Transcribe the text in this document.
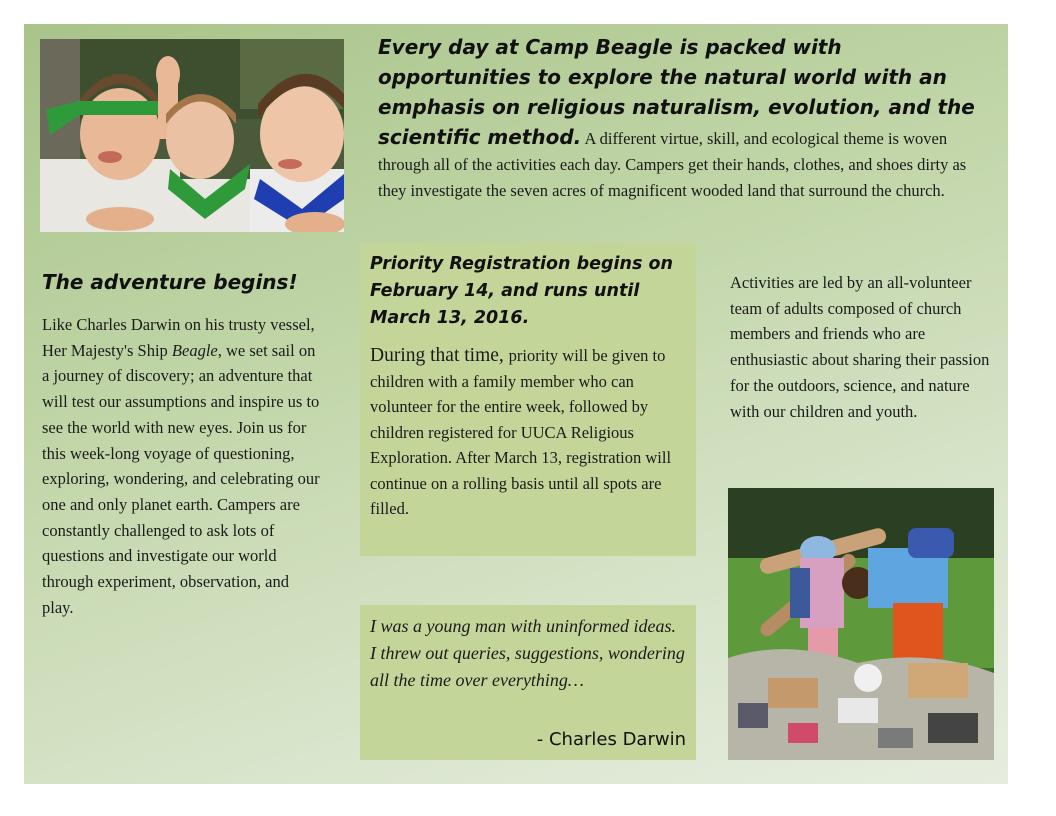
Every day at Camp Beagle is packed with opportunities to explore the natural world with an emphasis on religious naturalism, evolution, and the scientific method. A different virtue, skill, and ecological theme is woven through all of the activities each day. Campers get their hands, clothes, and shoes dirty as they investigate the seven acres of magnificent wooded land that surround the church.
The adventure begins!

Like Charles Darwin on his trusty vessel, Her Majesty's Ship Beagle, we set sail on a journey of discovery; an adventure that will test our assumptions and inspire us to see the world with new eyes. Join us for this week-long voyage of questioning, exploring, wondering, and celebrating our one and only planet earth. Campers are constantly challenged to ask lots of questions and investigate our world through experiment, observation, and play.

Priority Registration begins on February 14, and runs until March 13, 2016.
During that time, priority will be given to children with a family member who can volunteer for the entire week, followed by children registered for UUCA Religious Exploration. After March 13, registration will continue on a rolling basis until all spots are filled.
I was a young man with uninformed ideas. I threw out queries, suggestions, wondering all the time over everything…
- Charles Darwin
Activities are led by an all-volunteer team of adults composed of church members and friends who are enthusiastic about sharing their passion for the outdoors, science, and nature with our children and youth.
